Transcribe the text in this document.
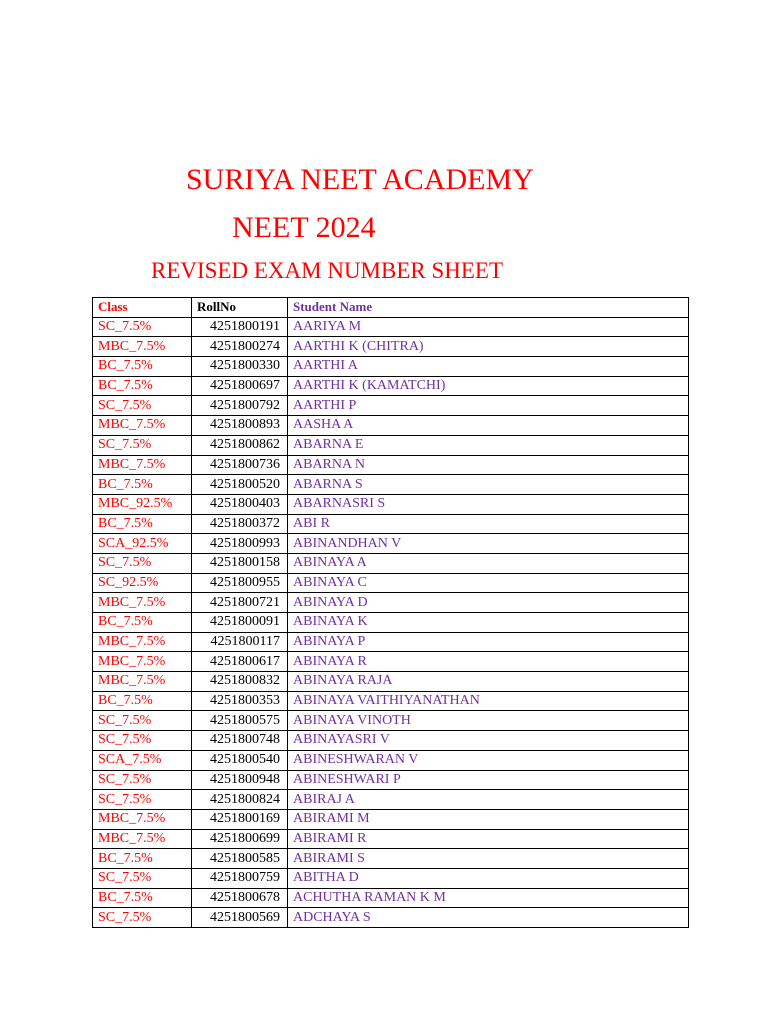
SURIYA NEET ACADEMY
NEET 2024
REVISED EXAM NUMBER SHEET
Class	RollNo	Student Name
SC_7.5%	4251800191	AARIYA M
MBC_7.5%	4251800274	AARTHI K (CHITRA)
BC_7.5%	4251800330	AARTHI A
BC_7.5%	4251800697	AARTHI K (KAMATCHI)
SC_7.5%	4251800792	AARTHI P
MBC_7.5%	4251800893	AASHA A
SC_7.5%	4251800862	ABARNA E
MBC_7.5%	4251800736	ABARNA N
BC_7.5%	4251800520	ABARNA S
MBC_92.5%	4251800403	ABARNASRI S
BC_7.5%	4251800372	ABI R
SCA_92.5%	4251800993	ABINANDHAN V
SC_7.5%	4251800158	ABINAYA A
SC_92.5%	4251800955	ABINAYA C
MBC_7.5%	4251800721	ABINAYA D
BC_7.5%	4251800091	ABINAYA K
MBC_7.5%	4251800117	ABINAYA P
MBC_7.5%	4251800617	ABINAYA R
MBC_7.5%	4251800832	ABINAYA RAJA
BC_7.5%	4251800353	ABINAYA VAITHIYANATHAN
SC_7.5%	4251800575	ABINAYA VINOTH
SC_7.5%	4251800748	ABINAYASRI V
SCA_7.5%	4251800540	ABINESHWARAN V
SC_7.5%	4251800948	ABINESHWARI P
SC_7.5%	4251800824	ABIRAJ A
MBC_7.5%	4251800169	ABIRAMI M
MBC_7.5%	4251800699	ABIRAMI R
BC_7.5%	4251800585	ABIRAMI S
SC_7.5%	4251800759	ABITHA D
BC_7.5%	4251800678	ACHUTHA RAMAN K M
SC_7.5%	4251800569	ADCHAYA S
